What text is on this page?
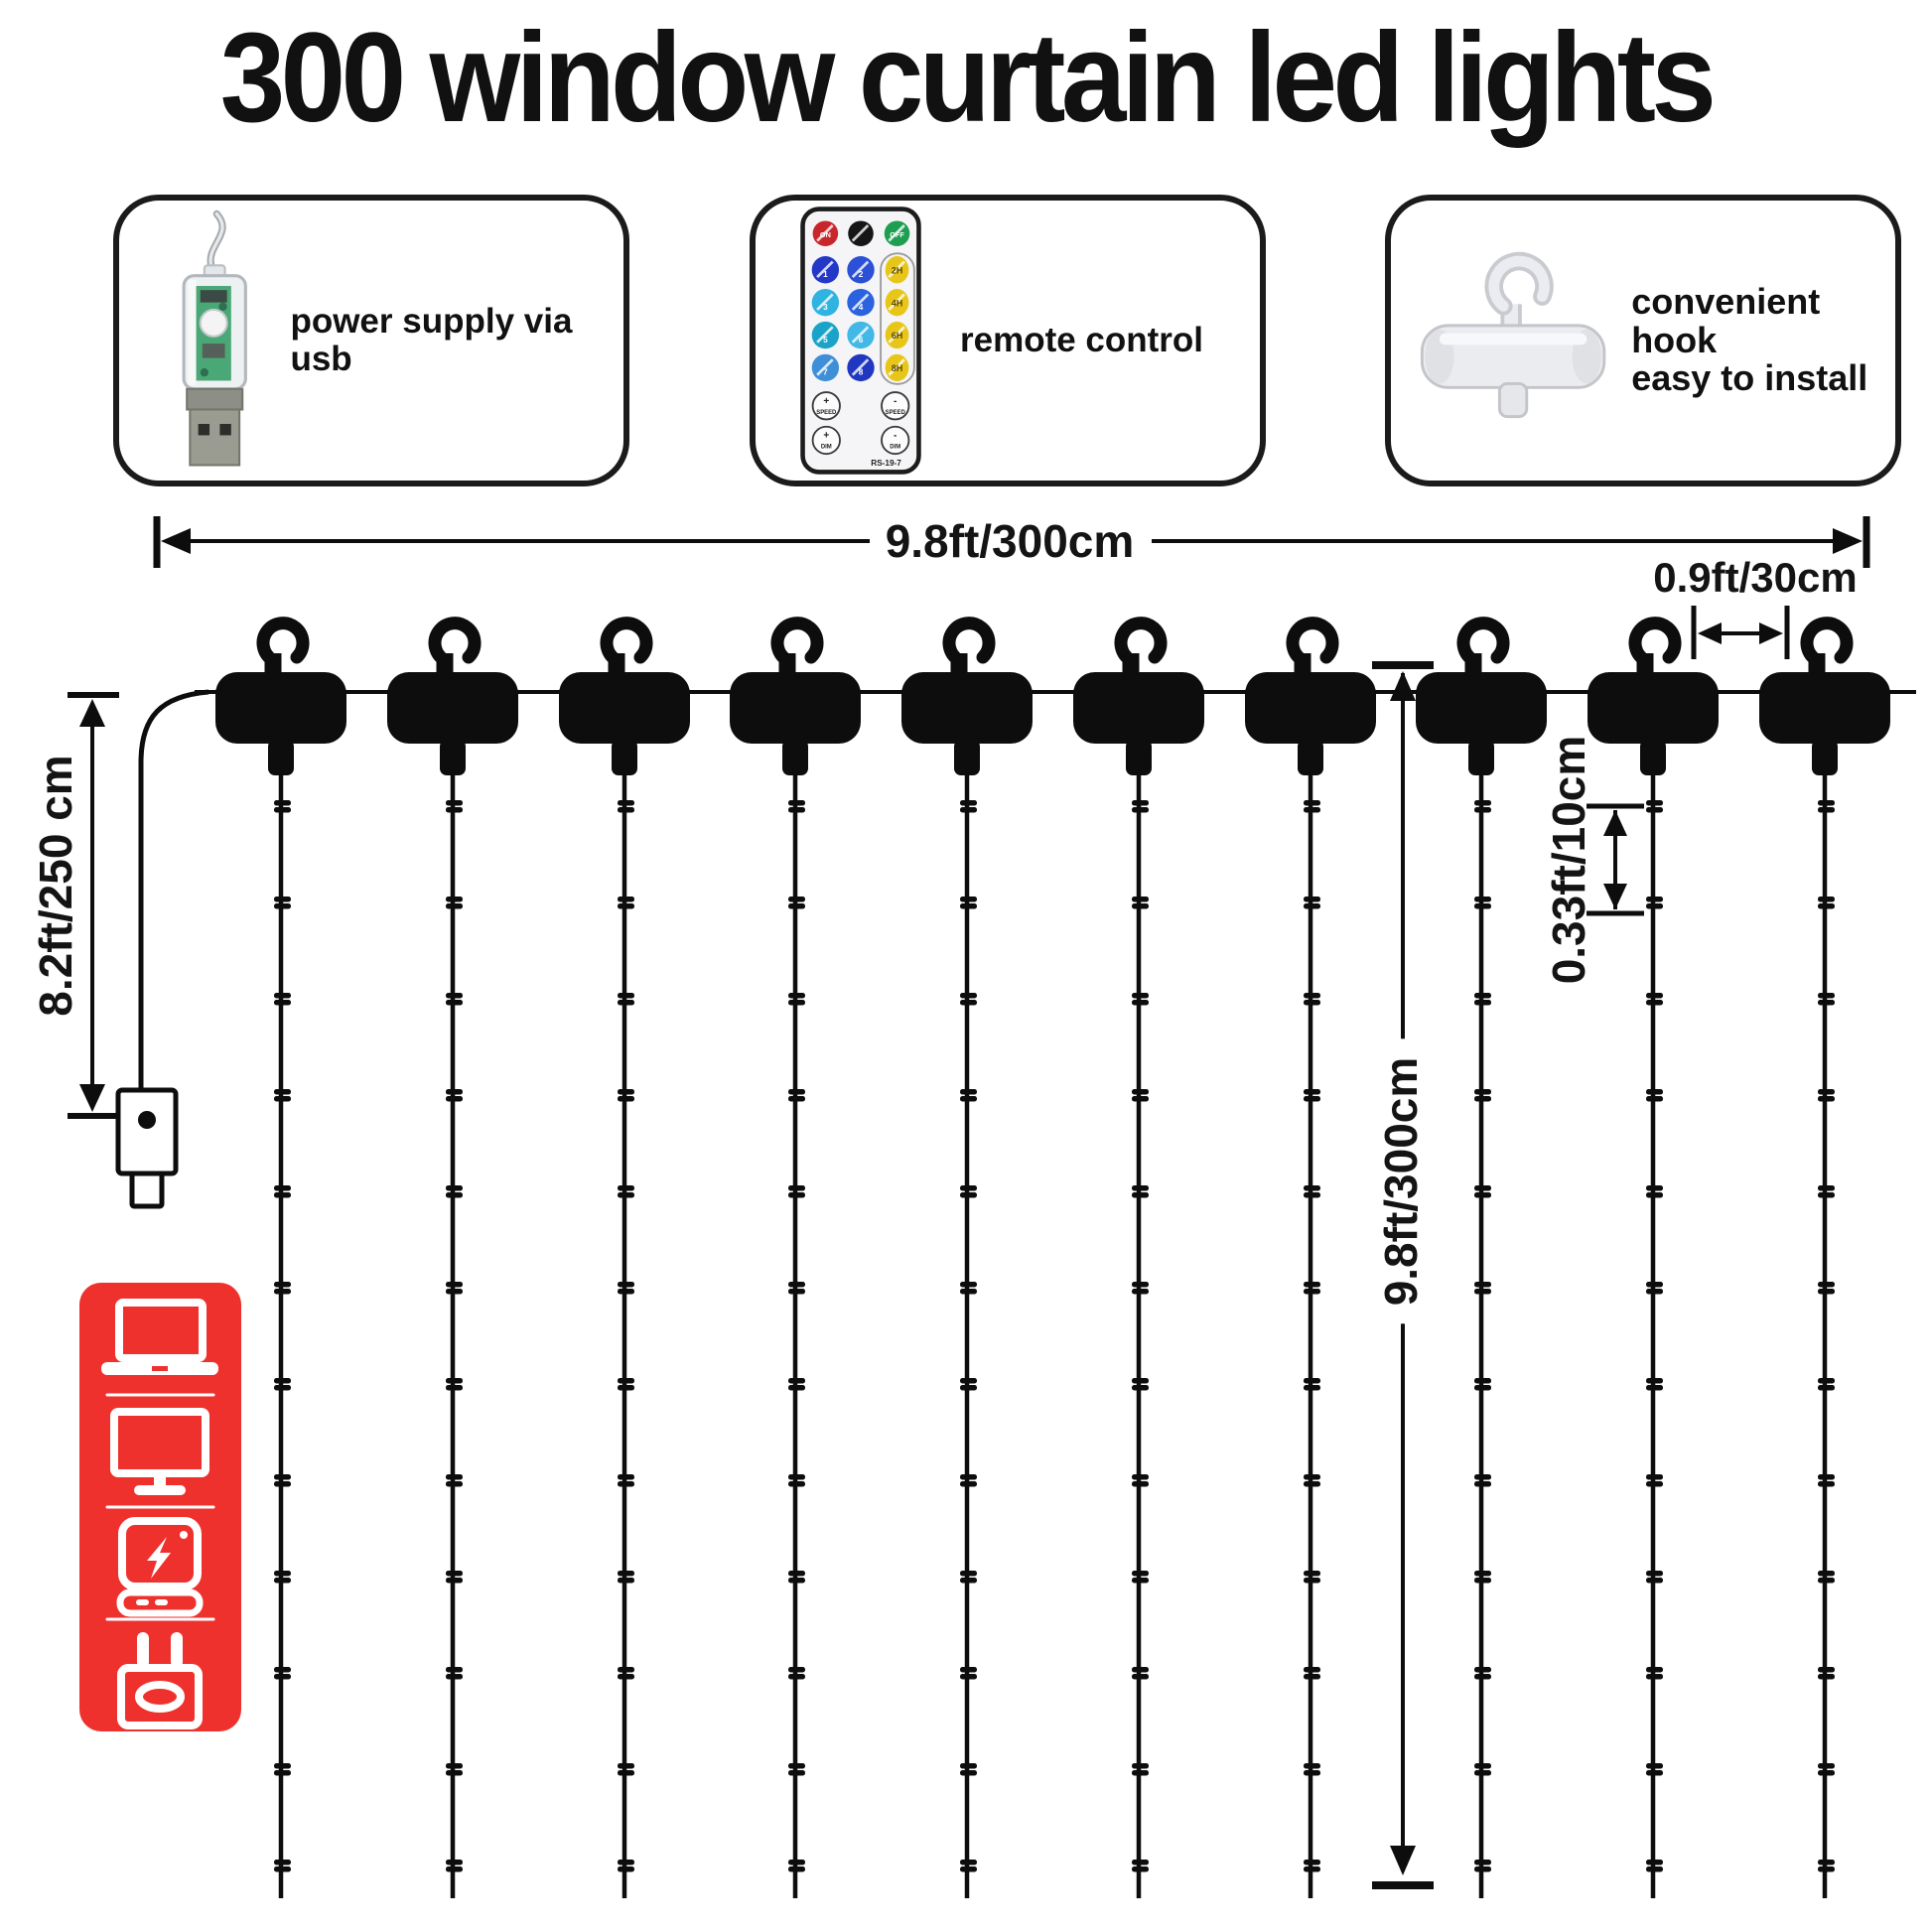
300 window curtain led lights
power supply via usb
ON	OFF
1	2
3	4
5	6
7	8
2H
4H
6H
8H
+
SPEED
-
SPEED
+
DIM
-
DIM
RS-19-7
remote control
convenient hook
easy to install
9.8ft/300cm
0.9ft/30cm
8.2ft/250 cm
9.8ft/300cm
0.33ft/10cm
